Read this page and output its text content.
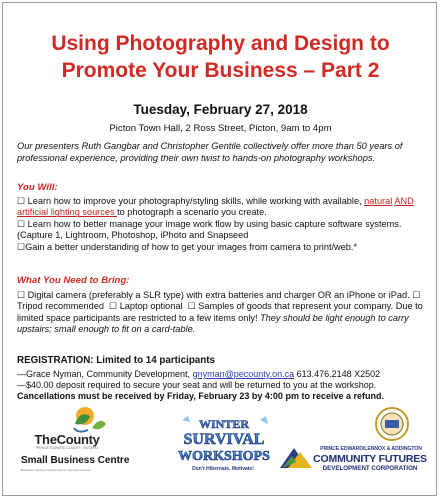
Using Photography and Design to
Promote Your Business – Part 2
Tuesday, February 27, 2018
Picton Town Hall, 2 Ross Street, Picton, 9am to 4pm
Our presenters Ruth Gangbar and Christopher Gentile collectively offer more than 50 years of professional experience, providing their own twist to hands-on photography workshops.
You Will:
☐ Learn how to improve your photography/styling skills, while working with available, natural AND artificial lighting sources to photograph a scenario you create.
☐ Learn how to better manage your image work flow by using basic capture software systems. (Capture 1, Lightroom, Photoshop, iPhoto and Snapseed
☐Gain a better understanding of how to get your images from camera to print/web.*
What You Need to Bring:
☐ Digital camera (preferably a SLR type) with extra batteries and charger OR an iPhone or iPad. ☐ Tripod recommended  ☐ Laptop optional  ☐ Samples of goods that represent your company. Due to limited space participants are restricted to a few items only! They should be light enough to carry upstairs; small enough to fit on a card-table.
REGISTRATION: Limited to 14 participants
—Grace Nyman, Community Development, gnyman@pecounty.on.ca 613.476.2148 X2502
—$40.00 deposit required to secure your seat and will be returned to you at the workshop.
Cancellations must be received by Friday, February 23 by 4:00 pm to receive a refund.
TheCounty
PRINCE EDWARD COUNTY, ONTARIO
Small Business Centre
Business Training & Resources for the Entrepreneur
WINTER
SURVIVAL
WORKSHOPS
Don't Hibernate, Motivate!
PRINCE EDWARD/LENNOX & ADDINGTON
COMMUNITY FUTURES
DEVELOPMENT CORPORATION
